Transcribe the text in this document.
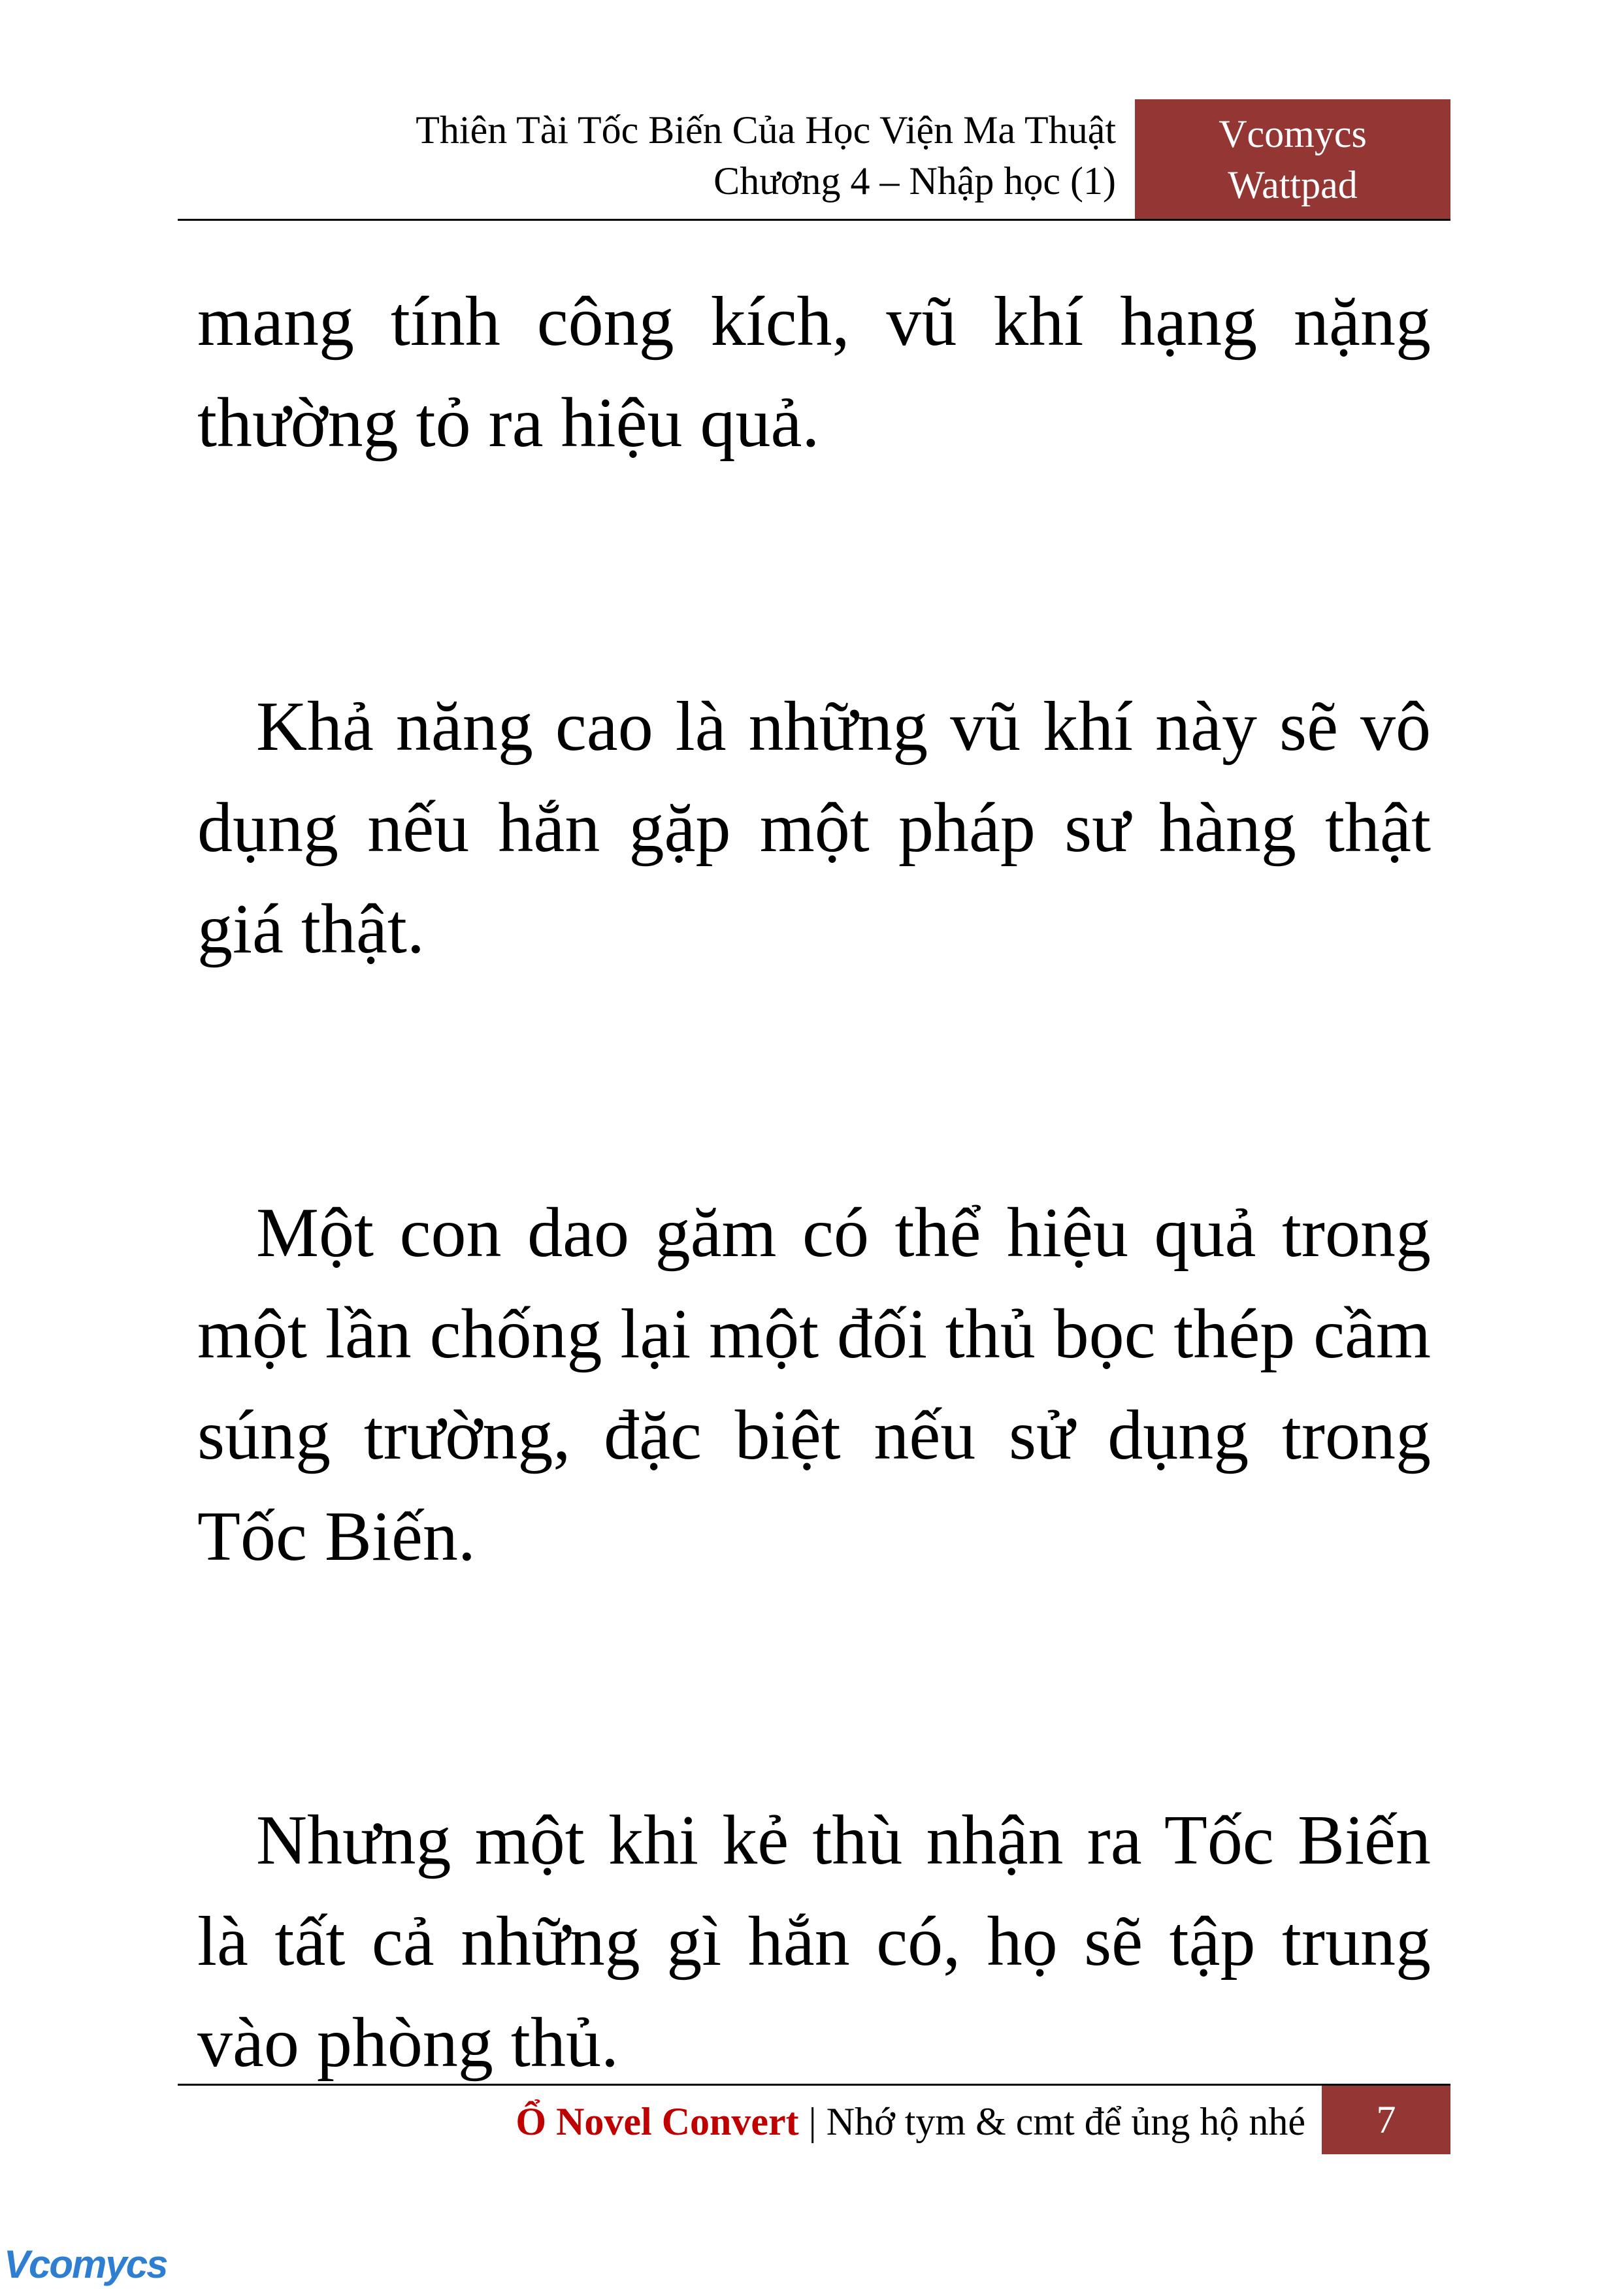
Thiên Tài Tốc Biến Của Học Viện Ma Thuật
Chương 4 – Nhập học (1)
Vcomycs
Wattpad

mang tính công kích, vũ khí hạng nặng thường tỏ ra hiệu quả.

Khả năng cao là những vũ khí này sẽ vô dụng nếu hắn gặp một pháp sư hàng thật giá thật.

Một con dao găm có thể hiệu quả trong một lần chống lại một đối thủ bọc thép cầm súng trường, đặc biệt nếu sử dụng trong Tốc Biến.

Nhưng một khi kẻ thù nhận ra Tốc Biến là tất cả những gì hắn có, họ sẽ tập trung vào phòng thủ.

Ổ Novel Convert | Nhớ tym & cmt để ủng hộ nhé	7
Vcomycs
